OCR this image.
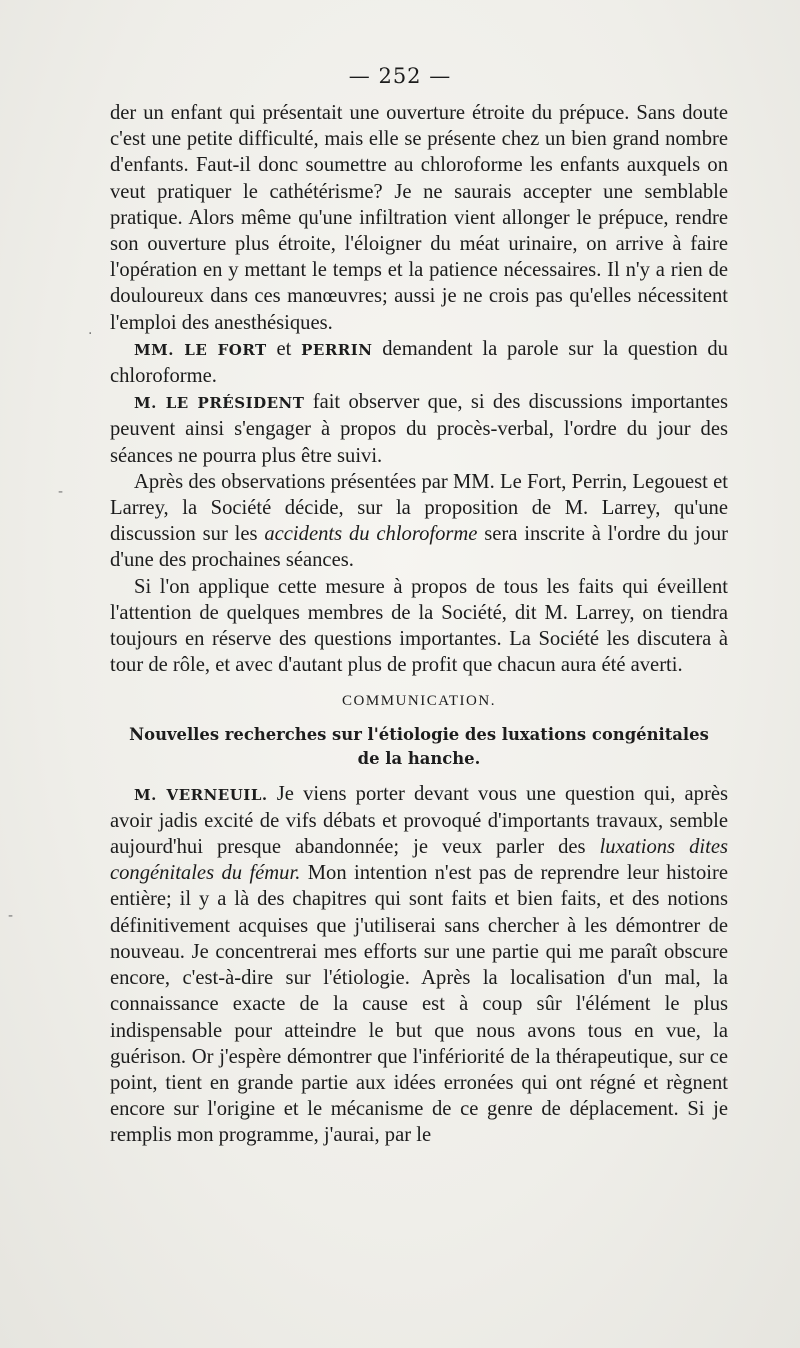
— 252 —
·
-
-

der un enfant qui présentait une ouverture étroite du prépuce. Sans doute c'est une petite difficulté, mais elle se présente chez un bien grand nombre d'enfants. Faut-il donc soumettre au chloroforme les enfants auxquels on veut pratiquer le cathétérisme? Je ne saurais accepter une semblable pratique. Alors même qu'une infiltration vient allonger le prépuce, rendre son ouverture plus étroite, l'éloigner du méat urinaire, on arrive à faire l'opération en y mettant le temps et la patience nécessaires. Il n'y a rien de douloureux dans ces manœuvres; aussi je ne crois pas qu'elles nécessitent l'emploi des anesthésiques.

MM. LE FORT et PERRIN demandent la parole sur la question du chloroforme.

M. LE PRÉSIDENT fait observer que, si des discussions importantes peuvent ainsi s'engager à propos du procès-verbal, l'ordre du jour des séances ne pourra plus être suivi.

Après des observations présentées par MM. Le Fort, Perrin, Legouest et Larrey, la Société décide, sur la proposition de M. Larrey, qu'une discussion sur les accidents du chloroforme sera inscrite à l'ordre du jour d'une des prochaines séances.

Si l'on applique cette mesure à propos de tous les faits qui éveillent l'attention de quelques membres de la Société, dit M. Larrey, on tiendra toujours en réserve des questions importantes. La Société les discutera à tour de rôle, et avec d'autant plus de profit que chacun aura été averti.

COMMUNICATION.
Nouvelles recherches sur l'étiologie des luxations congénitales
de la hanche.

M. VERNEUIL. Je viens porter devant vous une question qui, après avoir jadis excité de vifs débats et provoqué d'importants travaux, semble aujourd'hui presque abandonnée; je veux parler des luxations dites congénitales du fémur. Mon intention n'est pas de reprendre leur histoire entière; il y a là des chapitres qui sont faits et bien faits, et des notions définitivement acquises que j'utiliserai sans chercher à les démontrer de nouveau. Je concentrerai mes efforts sur une partie qui me paraît obscure encore, c'est-à-dire sur l'étiologie. Après la localisation d'un mal, la connaissance exacte de la cause est à coup sûr l'élément le plus indispensable pour atteindre le but que nous avons tous en vue, la guérison. Or j'espère démontrer que l'infériorité de la thérapeutique, sur ce point, tient en grande partie aux idées erronées qui ont régné et règnent encore sur l'origine et le mécanisme de ce genre de déplacement. Si je remplis mon programme, j'aurai, par le
